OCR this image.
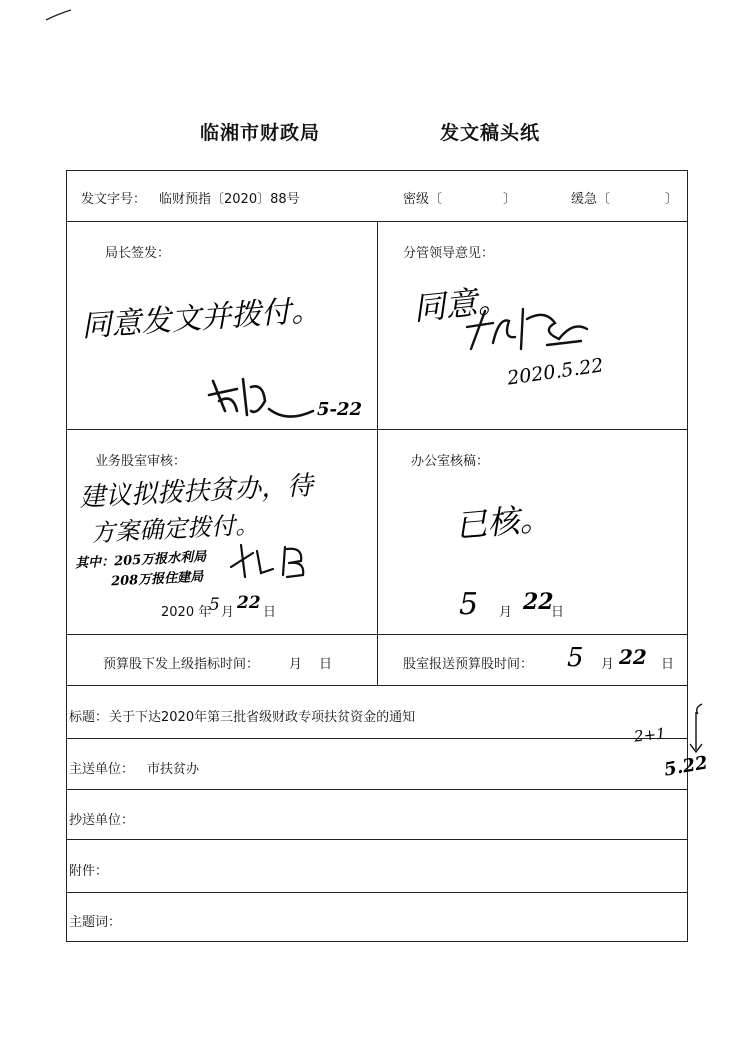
临湘市财政局	发文稿头纸
发文字号： 临财预指〔2020〕88号	密级〔	〕	缓急〔	〕
局长签发：
同意发文并拨付。
5-22
分管领导意见：
同意。
2020.5.22
业务股室审核：
建议拟拨扶贫办，待
方案确定拨付。
其中：205万报水利局
208万报住建局
2020 年
5 月 22 日
办公室核稿：
已核。
5 月 22
日
预算股下发上级指标时间： 月 日	股室报送预算股时间： 5 月 22 日
标题： 关于下达2020年第三批省级财政专项扶贫资金的通知
主送单位： 市扶贫办
抄送单位：
附件：
主题词：
2+1
5.22
